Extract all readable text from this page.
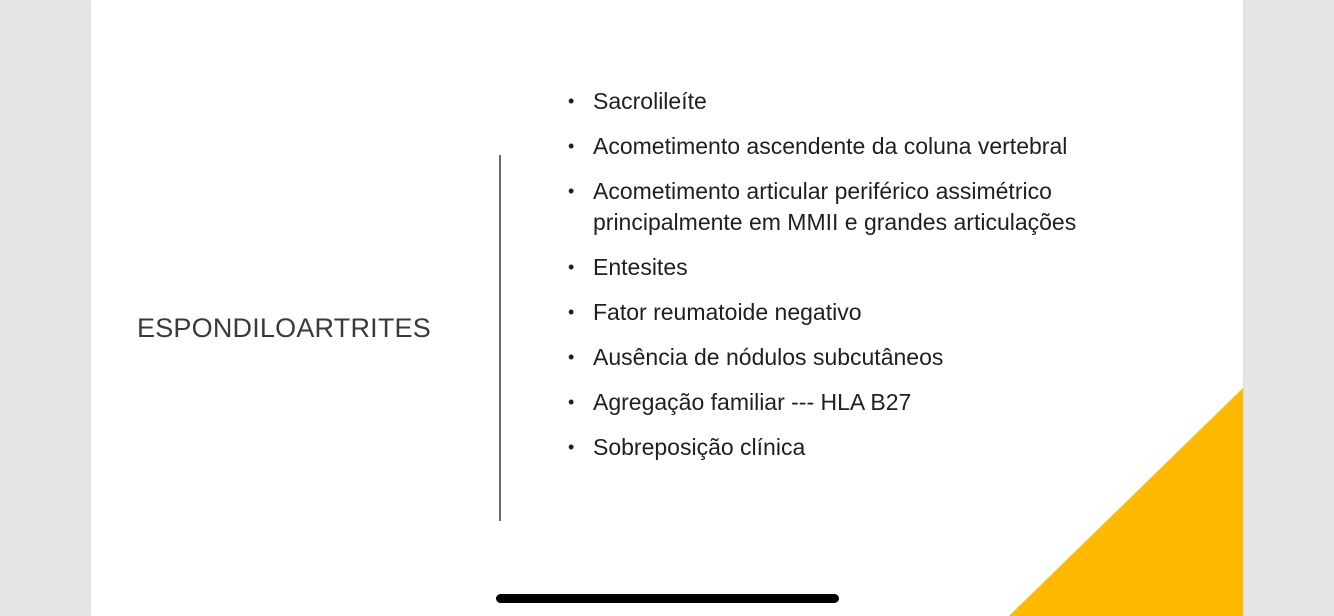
ESPONDILOARTRITES
• Sacrolileíte
• Acometimento ascendente da coluna vertebral
• Acometimento articular periférico assimétrico principalmente em MMII e grandes articulações
• Entesites
• Fator reumatoide negativo
• Ausência de nódulos subcutâneos
• Agregação familiar --- HLA B27
• Sobreposição clínica
